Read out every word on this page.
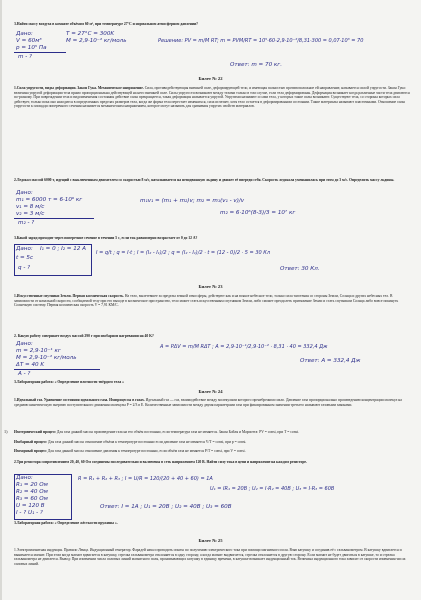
3.Найти массу воздуха в комнате объёмом 60 м³, при температуре 27°C и нормальном атмосферном давлении?
Дано:
V = 60м³
p = 10⁵ Па
T = 27°C = 300K
M = 2,9·10⁻² кг/моль
m - ?
Решение: PV = m/M RT; m = PVM/RT = 10⁵·60·2,9·10⁻²/8,31·300 = 0,07·10³ = 70
Ответ: m = 70 кг.
Билет № 22
1.Сила упругости, виды деформации. Закон Гука. Механическое напряжение. Сила, противодействующая внешней силе, деформирующей тело, и имеющая полностью противоположное ей направление, называется силой упругости. Закон Гука: величина упругой деформации тела прямо пропорциональна действующей на него внешней силе. Силы упругости возникают между телами только в том случае, если тела деформированы. Деформация возникает когда различные части тела двигаются по-разному. При повреждении тела и видоизменения состояния действие силы прекращается, такая деформация называется упругой. Упругими называют и сами тела, у которых такие силы возникают. Существуют тела, со стороны которых сила действует, только пока оно находится в определенных пределах размеров тела, когда же форма тела перестает изменяться, сила исчезает, хотя тело остается в деформированном состоянии. Такие материалы называют пластичными. Отношение силы упругости к площади поперечного сечения называется механическим напряжением, которое могут называть для сравнения упругих свойств материалов.
2.Ледокол массой 6000 т, идущий с выключенным двигателем со скоростью 8 м/с, наталкивается на неподвижную льдину и движет её впереди себя. Скорость ледокола уменьшилась при этом до 3 м/с. Определить массу льдины.
Дано:
m₁ = 6000 т = 6·10⁶ кг
v₁ = 8 м/с
v₂ = 3 м/с
m₂ - ?
m₁v₁ = (m₁ + m₂)v; m₂ = m₁(v₁ - v)/v
m₂ = 6·10⁶(8-3)/3 = 10⁷ кг
3.Какой заряд проходит через поперечное сечение в течении 5 с, если ток равномерно возрастает от 0 до 12 А?
Дано: I₁ = 0 ; I₂ = 12 A
t = 5c
q - ?
I = q/t ; q = I·t ; I = (I₂ - I₁)/2 ; q = (I₂ - I₁)/2 · t = (12 - 0)/2 · 5 = 30 Кл
Ответ: 30 Кл.
Билет № 23
1.Искусственные спутники Земли. Первая космическая скорость. На тело, вылетевшее за пределы земной атмосферы, действуют как и на всякое небесное тело, только сила тяготения со стороны Земли, Солнца и других небесных тел. В зависимости от начальной скорости, сообщаемой телу при его выходе в космическое пространство, тело может стать искусственным спутником Земли, либо сможет преодолеть притяжение Земли и стать спутником Солнца либо вовсе покинуть Солнечную систему. Первая космическая скорость V = 7,91 КМ/С.
2. Какую работу совершает воздух массой 290 г при изобарном нагревании на 40 K?
Дано:
m = 2,9·10⁻¹ кг
M = 2,9·10⁻² кг/моль
ΔT = 40 K
A - ?
A = PΔV = m/M RΔT ; A = 2,9·10⁻¹/2,9·10⁻² · 8,31 · 40 = 332,4 Дж
Ответ: A = 332,4 Дж
3.Лабораторная работа: « Определение плотности твёрдого тела »
Билет № 24
1.Идеальный газ. Уравнение состояния идеального газа. Изопроцессы в газах. Идеальный газ — газ, взаимодействие между молекулами которого пренебрежимо мало. Давление газа пропорционально произведению концентрации молекул на среднюю кинетическую энергию поступательного движения молекулы P = 2/3 n E. Количественные зависимости между двумя параметрами газа при фиксированном значении третьего называют газовыми законами.
1)	Изотермический процесс Для газа данной массы произведение газа на его объём постоянно, если температура газа не меняется. Закон Бойля и Мариотта: PV = const, при T = const.
Изобарный процесс Для газа данной массы отношение объёма к температуре постоянно если давление газа не меняется V/T = const, при p = const.
Изохорный процесс Для газа данной массы отношение давления к температуре постоянно, если объём газа не меняется P/T = const, при V = const.
2.Три резистора сопротивлением 20, 40, 60 Ом соединены последовательно и включены в сеть напряжением 120 В. Найти силу тока в цепи и напряжение на каждом резисторе.
Дано:
R₁ = 20 Ом
R₂ = 40 Ом
R₃ = 60 Ом
U = 120 B
I - ? U₁ - ?
R = R₁ + R₂ + R₃ ; I = U/R = 120/(20 + 40 + 60) = 1A
U₁ = IR₁ = 20B ; U₂ = I·R₂ = 40B ; U₃ = I·R₃ = 60B
Ответ: I = 1A ; U₁ = 20B ; U₂ = 40B ; U₃ = 60B
3.Лабораторная работа: « Определение жёсткости пружины ».
Билет № 25
1.Электромагнитная индукция. Правило Ленца. Индукционный генератор. Фарадей начал проводить опыты по получению электрического тока при помощи магнитного поля. Взяв катушку и соединив её с гальванометром. В катушку вдвигается и вынимается магнит. При этом когда магнит вдвигается в катушку, стрелка гальванометра отклоняется в одну сторону, а когда магнит выдвигается, стрелка отклоняется в другую сторону. Если магнит не будет двигаться в катушке, то и стрелка гальванометра не двигается. Вывод: При изменении числа силовых линий магнитного поля, пронизывающих катушку в единицу времени, в катушке возникает индукционный ток. Величина индукционного тока зависит от скорости изменения числа силовых линий.
